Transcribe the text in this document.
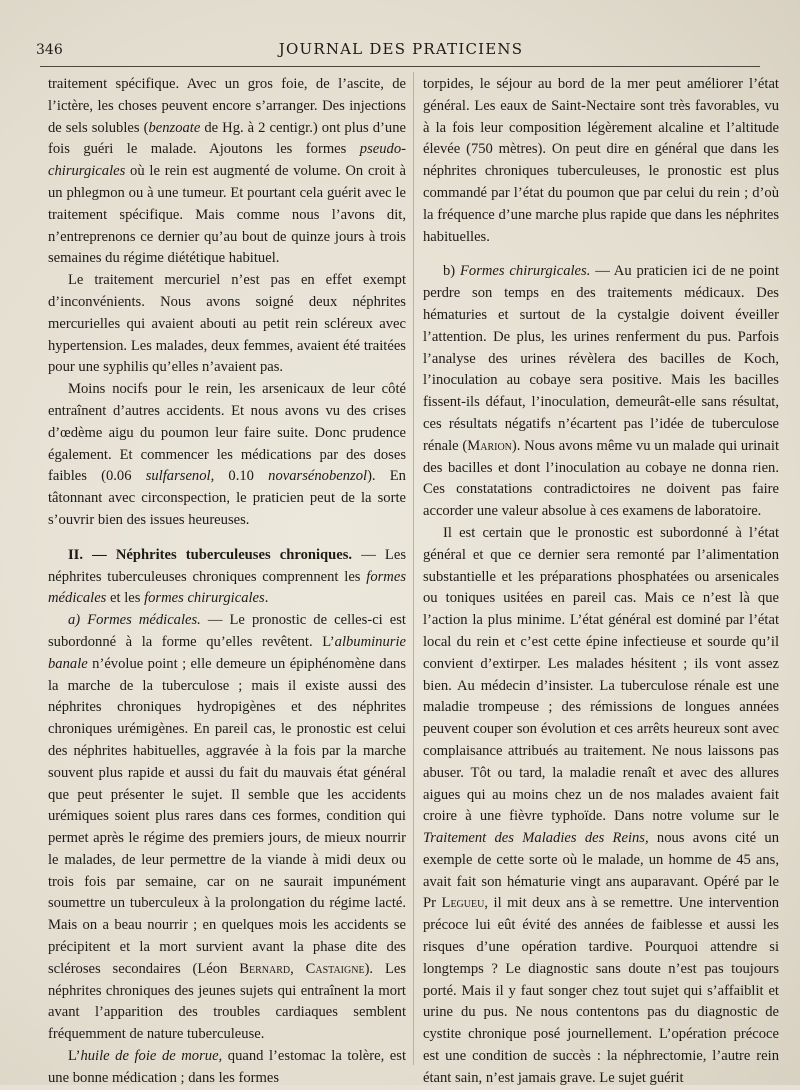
346	JOURNAL DES PRATICIENS

traitement spécifique. Avec un gros foie, de l’ascite, de l’ictère, les choses peuvent encore s’arranger. Des injections de sels solubles (benzoate de Hg. à 2 centigr.) ont plus d’une fois guéri le malade. Ajoutons les formes pseudo-chirurgicales où le rein est augmenté de volume. On croit à un phlegmon ou à une tumeur. Et pourtant cela guérit avec le traitement spécifique. Mais comme nous l’avons dit, n’entreprenons ce dernier qu’au bout de quinze jours à trois semaines du régime diététique habituel.

Le traitement mercuriel n’est pas en effet exempt d’inconvénients. Nous avons soigné deux néphrites mercurielles qui avaient abouti au petit rein scléreux avec hypertension. Les malades, deux femmes, avaient été traitées pour une syphilis qu’elles n’avaient pas.

Moins nocifs pour le rein, les arsenicaux de leur côté entraînent d’autres accidents. Et nous avons vu des crises d’œdème aigu du poumon leur faire suite. Donc prudence également. Et commencer les médications par des doses faibles (0.06 sulfarsenol, 0.10 novarsénobenzol). En tâtonnant avec circonspection, le praticien peut de la sorte s’ouvrir bien des issues heureuses.

II. — Néphrites tuberculeuses chroniques. — Les néphrites tuberculeuses chroniques comprennent les formes médicales et les formes chirurgicales.

a) Formes médicales. — Le pronostic de celles-ci est subordonné à la forme qu’elles revêtent. L’albuminurie banale n’évolue point ; elle demeure un épiphénomène dans la marche de la tuberculose ; mais il existe aussi des néphrites chroniques hydropigènes et des néphrites chroniques urémigènes. En pareil cas, le pronostic est celui des néphrites habituelles, aggravée à la fois par la marche souvent plus rapide et aussi du fait du mauvais état général que peut présenter le sujet. Il semble que les accidents urémiques soient plus rares dans ces formes, condition qui permet après le régime des premiers jours, de mieux nourrir le malades, de leur permettre de la viande à midi deux ou trois fois par semaine, car on ne saurait impunément soumettre un tuberculeux à la prolongation du régime lacté. Mais on a beau nourrir ; en quelques mois les accidents se précipitent et la mort survient avant la phase dite des scléroses secondaires (Léon Bernard, Castaigne). Les néphrites chroniques des jeunes sujets qui entraînent la mort avant l’apparition des troubles cardiaques semblent fréquemment de nature tuberculeuse.

L’huile de foie de morue, quand l’estomac la tolère, est une bonne médication ; dans les formes

torpides, le séjour au bord de la mer peut améliorer l’état général. Les eaux de Saint-Nectaire sont très favorables, vu à la fois leur composition légèrement alcaline et l’altitude élevée (750 mètres). On peut dire en général que dans les néphrites chroniques tuberculeuses, le pronostic est plus commandé par l’état du poumon que par celui du rein ; d’où la fréquence d’une marche plus rapide que dans les néphrites habituelles.

b) Formes chirurgicales. — Au praticien ici de ne point perdre son temps en des traitements médicaux. Des hématuries et surtout de la cystalgie doivent éveiller l’attention. De plus, les urines renferment du pus. Parfois l’analyse des urines révèlera des bacilles de Koch, l’inoculation au cobaye sera positive. Mais les bacilles fissent-ils défaut, l’inoculation, demeurât-elle sans résultat, ces résultats négatifs n’écartent pas l’idée de tuberculose rénale (Marion). Nous avons même vu un malade qui urinait des bacilles et dont l’inoculation au cobaye ne donna rien. Ces constatations contradictoires ne doivent pas faire accorder une valeur absolue à ces examens de laboratoire.

Il est certain que le pronostic est subordonné à l’état général et que ce dernier sera remonté par l’alimentation substantielle et les préparations phosphatées ou arsenicales ou toniques usitées en pareil cas. Mais ce n’est là que l’action la plus minime. L’état général est dominé par l’état local du rein et c’est cette épine infectieuse et sourde qu’il convient d’extirper. Les malades hésitent ; ils vont assez bien. Au médecin d’insister. La tuberculose rénale est une maladie trompeuse ; des rémissions de longues années peuvent couper son évolution et ces arrêts heureux sont avec complaisance attribués au traitement. Ne nous laissons pas abuser. Tôt ou tard, la maladie renaît et avec des allures aigues qui au moins chez un de nos malades avaient fait croire à une fièvre typhoïde. Dans notre volume sur le Traitement des Maladies des Reins, nous avons cité un exemple de cette sorte où le malade, un homme de 45 ans, avait fait son hématurie vingt ans auparavant. Opéré par le Pr Legueu, il mit deux ans à se remettre. Une intervention précoce lui eût évité des années de faiblesse et aussi les risques d’une opération tardive. Pourquoi attendre si longtemps ? Le diagnostic sans doute n’est pas toujours porté. Mais il y faut songer chez tout sujet qui s’affaiblit et urine du pus. Ne nous contentons pas du diagnostic de cystite chronique posé journellement. L’opération précoce est une condition de succès : la néphrectomie, l’autre rein étant sain, n’est jamais grave. Le sujet guérit
